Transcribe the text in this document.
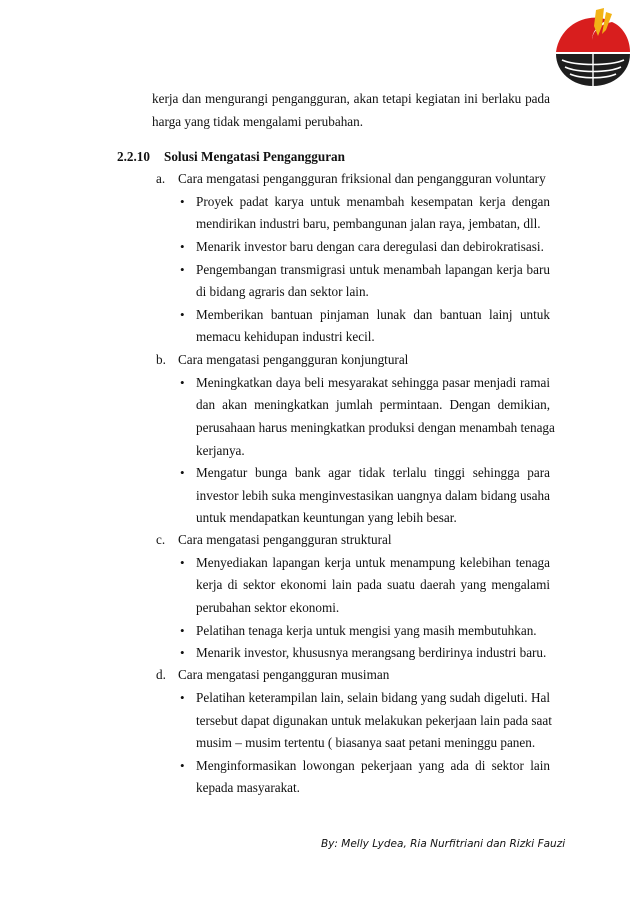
kerja dan mengurangi pengangguran, akan tetapi kegiatan ini berlaku pada
harga yang tidak mengalami perubahan.
2.2.10 Solusi Mengatasi Pengangguran
a. Cara mengatasi pengangguran friksional dan pengangguran voluntary
• Proyek padat karya untuk menambah kesempatan kerja dengan
mendirikan industri baru, pembangunan jalan raya, jembatan, dll.
• Menarik investor baru dengan cara deregulasi dan debirokratisasi.
• Pengembangan transmigrasi untuk menambah lapangan kerja baru
di bidang agraris dan sektor lain.
• Memberikan bantuan pinjaman lunak dan bantuan lainj untuk
memacu kehidupan industri kecil.
b. Cara mengatasi pengangguran konjungtural
• Meningkatkan daya beli mesyarakat sehingga pasar menjadi ramai
dan akan meningkatkan jumlah permintaan. Dengan demikian,
perusahaan harus meningkatkan produksi dengan menambah tenaga
kerjanya.
• Mengatur bunga bank agar tidak terlalu tinggi sehingga para
investor lebih suka menginvestasikan uangnya dalam bidang usaha
untuk mendapatkan keuntungan yang lebih besar.
c. Cara mengatasi pengangguran struktural
• Menyediakan lapangan kerja untuk menampung kelebihan tenaga
kerja di sektor ekonomi lain pada suatu daerah yang mengalami
perubahan sektor ekonomi.
• Pelatihan tenaga kerja untuk mengisi yang masih membutuhkan.
• Menarik investor, khususnya merangsang berdirinya industri baru.
d. Cara mengatasi pengangguran musiman
• Pelatihan keterampilan lain, selain bidang yang sudah digeluti. Hal
tersebut dapat digunakan untuk melakukan pekerjaan lain pada saat
musim – musim tertentu ( biasanya saat petani meninggu panen.
• Menginformasikan lowongan pekerjaan yang ada di sektor lain
kepada masyarakat.
By: Melly Lydea, Ria Nurfitriani dan Rizki Fauzi
